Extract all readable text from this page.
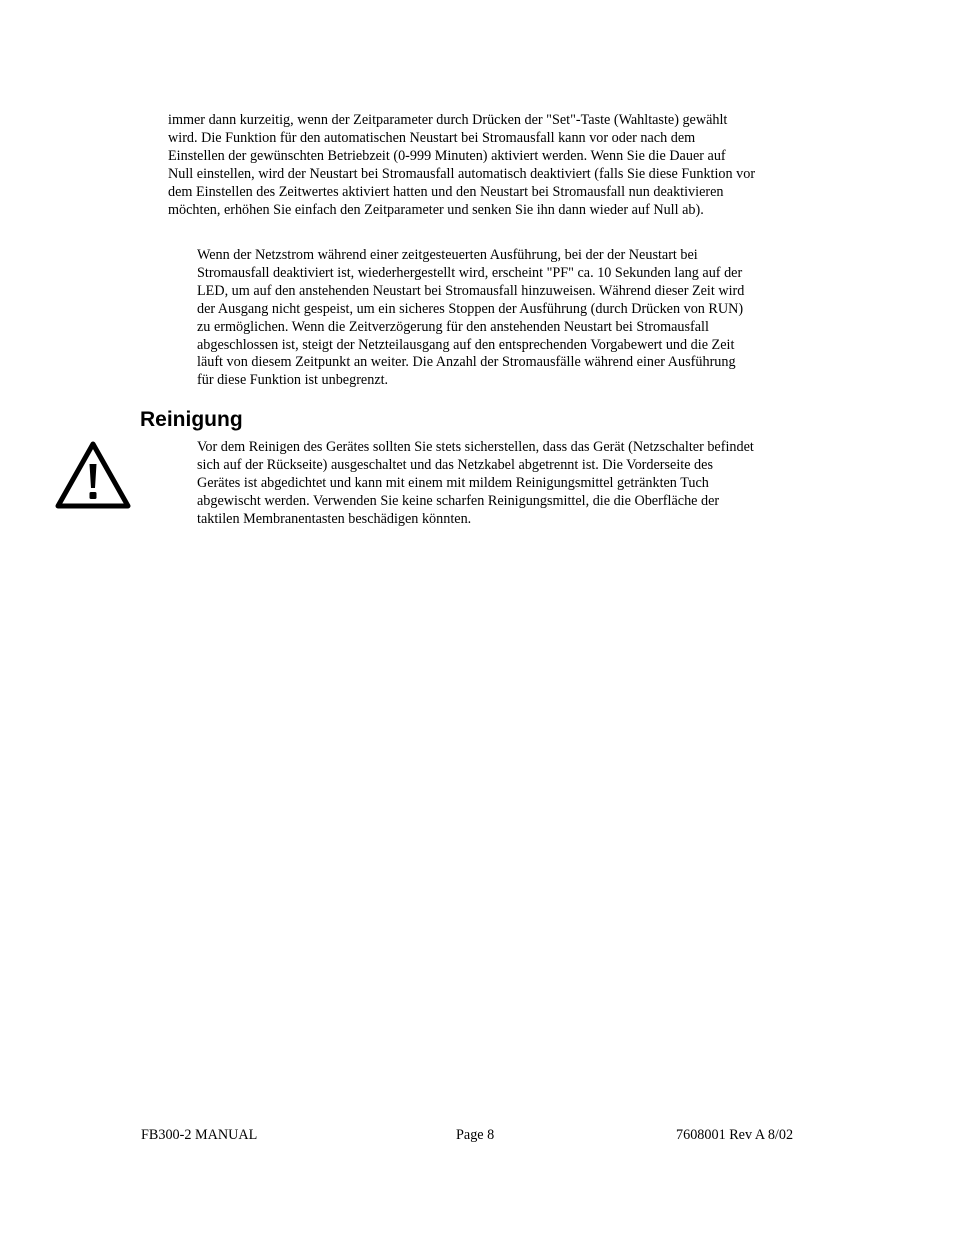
immer dann kurzeitig, wenn der Zeitparameter durch Drücken der "Set"-Taste (Wahltaste) gewählt
wird. Die Funktion für den automatischen Neustart bei Stromausfall kann vor oder nach dem
Einstellen der gewünschten Betriebzeit (0-999 Minuten) aktiviert werden. Wenn Sie die Dauer auf
Null einstellen, wird der Neustart bei Stromausfall automatisch deaktiviert (falls Sie diese Funktion vor
dem Einstellen des Zeitwertes aktiviert hatten und den Neustart bei Stromausfall nun deaktivieren
möchten, erhöhen Sie einfach den Zeitparameter und senken Sie ihn dann wieder auf Null ab).
Wenn der Netzstrom während einer zeitgesteuerten Ausführung, bei der der Neustart bei
Stromausfall deaktiviert ist, wiederhergestellt wird, erscheint "PF" ca. 10 Sekunden lang auf der
LED, um auf den anstehenden Neustart bei Stromausfall hinzuweisen. Während dieser Zeit wird
der Ausgang nicht gespeist, um ein sicheres Stoppen der Ausführung (durch Drücken von RUN)
zu ermöglichen. Wenn die Zeitverzögerung für den anstehenden Neustart bei Stromausfall
abgeschlossen ist, steigt der Netzteilausgang auf den entsprechenden Vorgabewert und die Zeit
läuft von diesem Zeitpunkt an weiter. Die Anzahl der Stromausfälle während einer Ausführung
für diese Funktion ist unbegrenzt.
Reinigung
Vor dem Reinigen des Gerätes sollten Sie stets sicherstellen, dass das Gerät (Netzschalter befindet
sich auf der Rückseite) ausgeschaltet und das Netzkabel abgetrennt ist. Die Vorderseite des
Gerätes ist abgedichtet und kann mit einem mit mildem Reinigungsmittel getränkten Tuch
abgewischt werden. Verwenden Sie keine scharfen Reinigungsmittel, die die Oberfläche der
taktilen Membranentasten beschädigen könnten.
FB300-2 MANUAL	Page 8	7608001 Rev A 8/02
